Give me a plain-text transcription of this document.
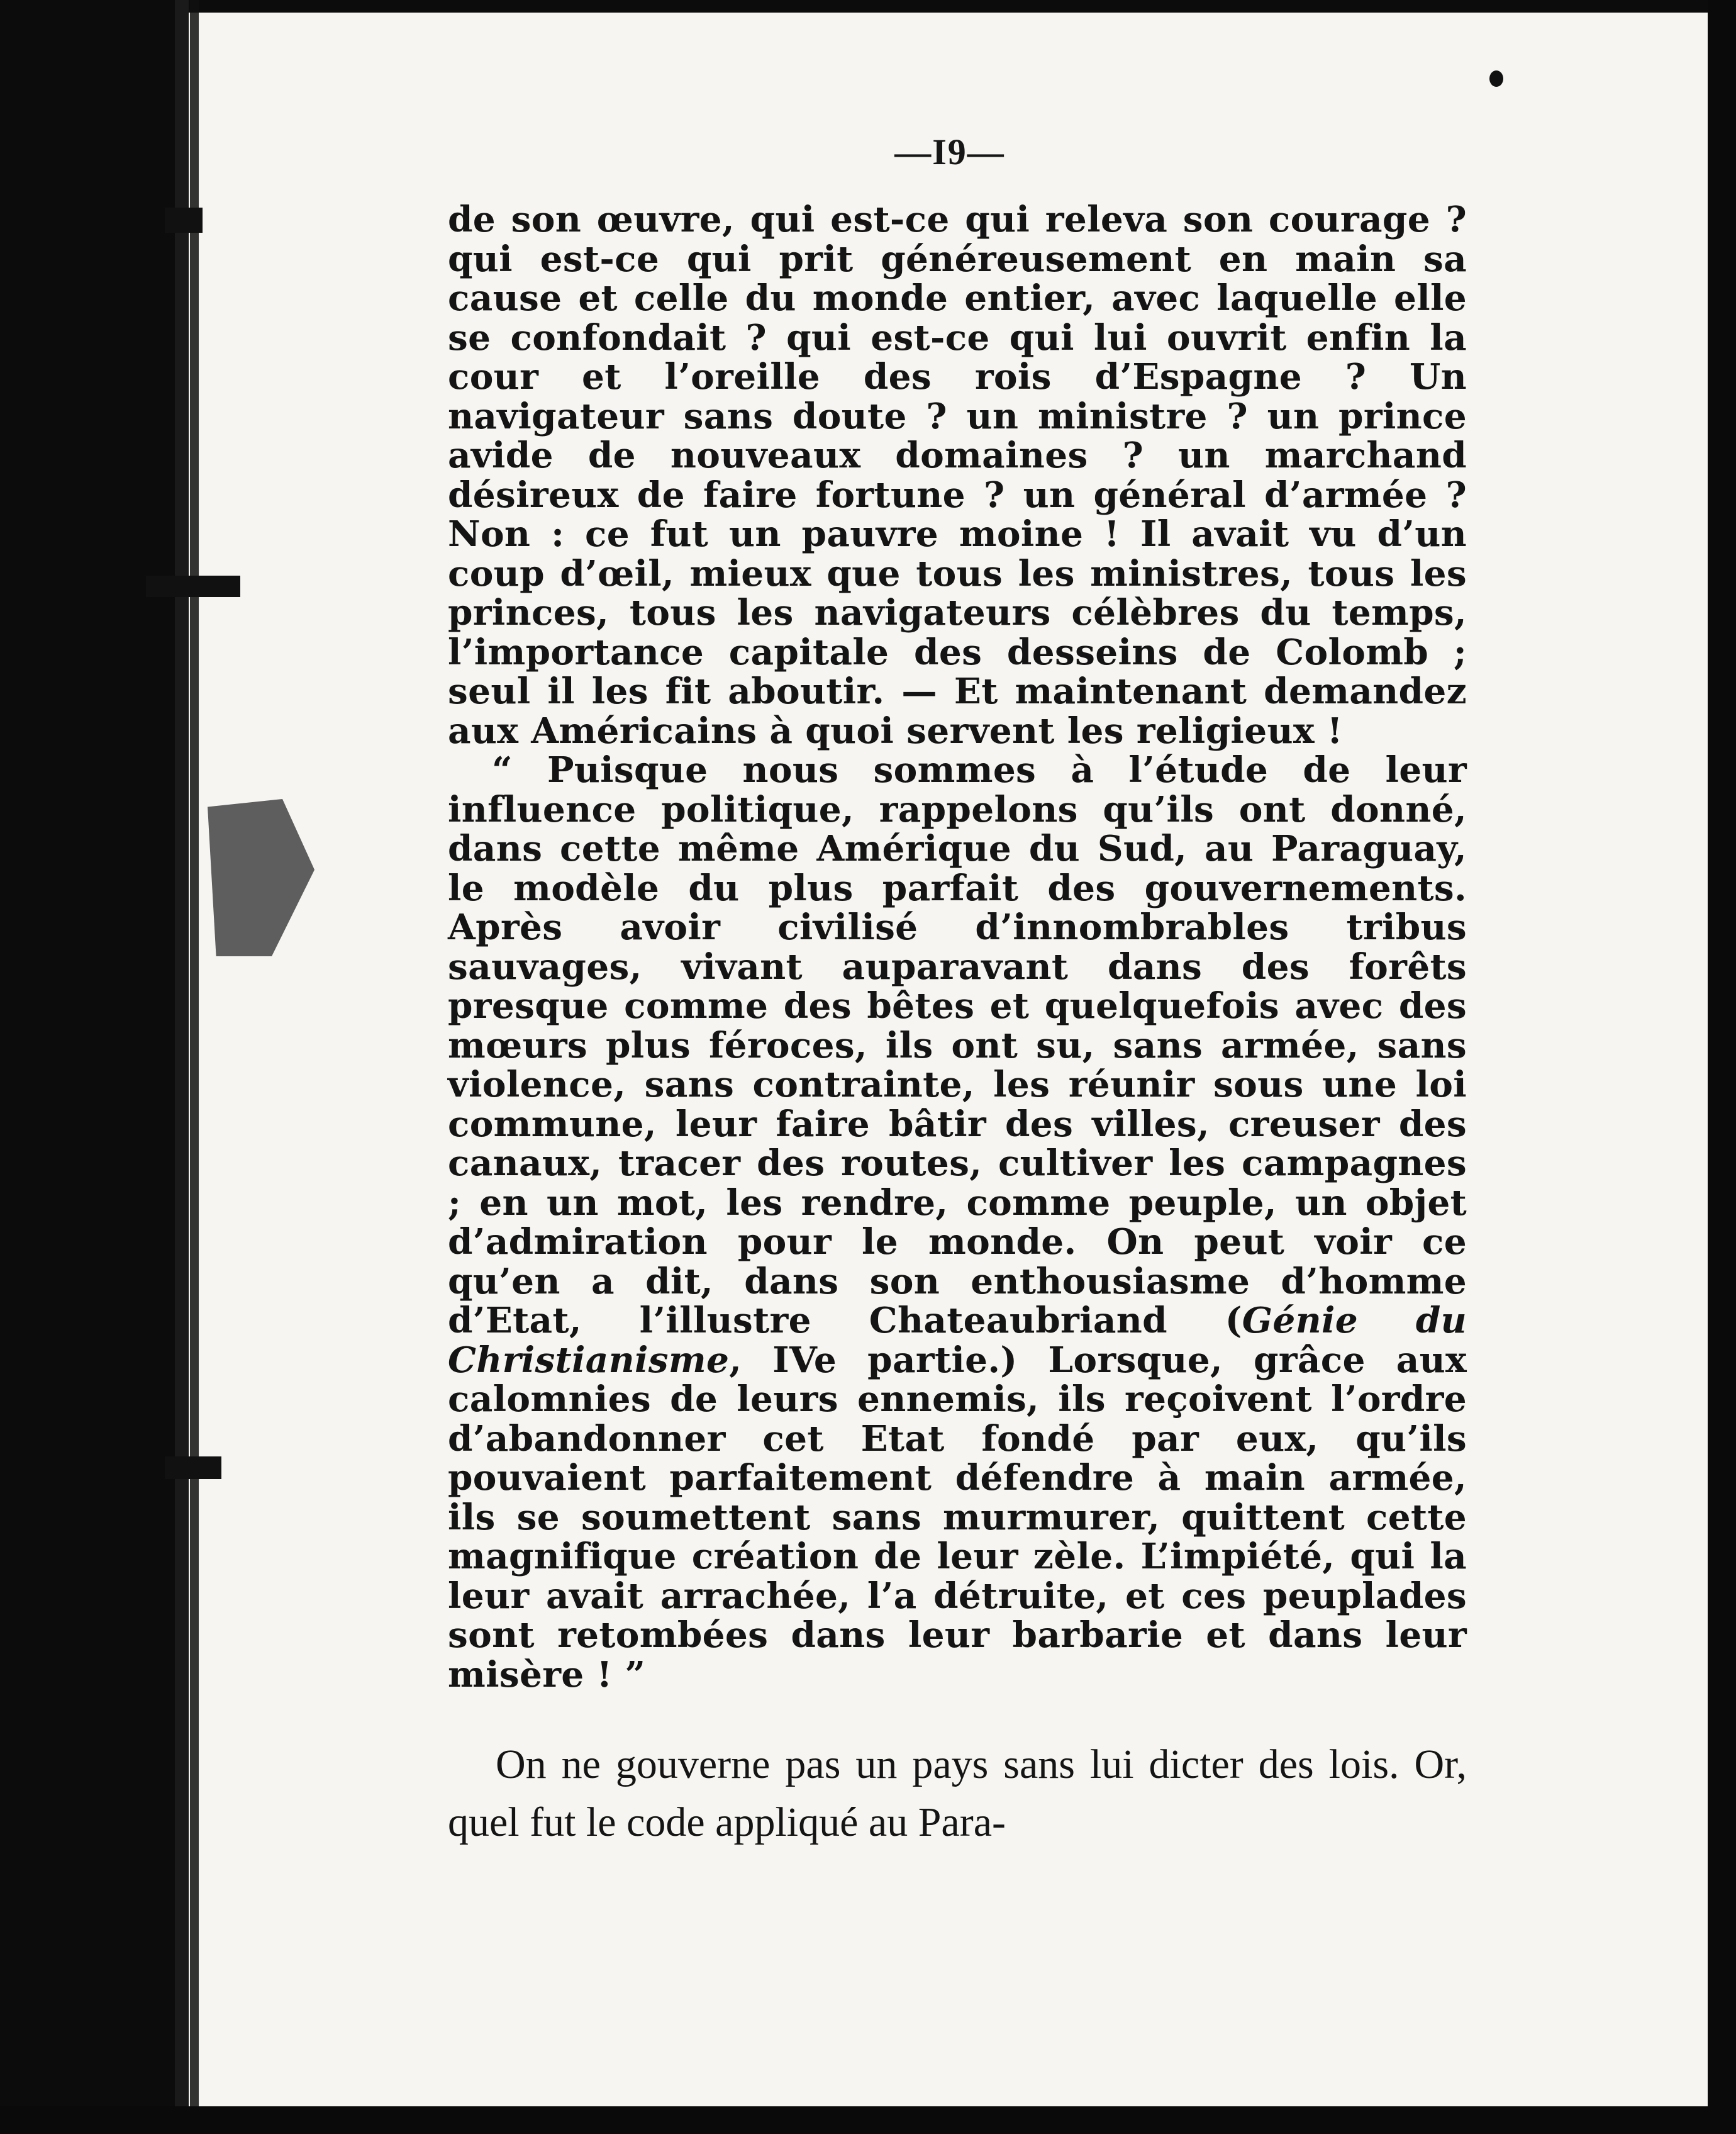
—I9—

de son œuvre, qui est-ce qui releva son courage ? qui est-ce qui prit généreusement en main sa cause et celle du monde entier, avec laquelle elle se confondait ? qui est-ce qui lui ouvrit enfin la cour et l’oreille des rois d’Espagne ? Un navigateur sans doute ? un ministre ? un prince avide de nouveaux domaines ? un marchand désireux de faire fortune ? un général d’armée ? Non : ce fut un pauvre moine ! Il avait vu d’un coup d’œil, mieux que tous les ministres, tous les princes, tous les navigateurs célèbres du temps, l’importance capitale des desseins de Colomb ; seul il les fit aboutir. — Et maintenant demandez aux Américains à quoi servent les religieux !

“ Puisque nous sommes à l’étude de leur influence politique, rappelons qu’ils ont donné, dans cette même Amérique du Sud, au Paraguay, le modèle du plus parfait des gouvernements. Après avoir civilisé d’innombrables tribus sauvages, vivant auparavant dans des forêts presque comme des bêtes et quelquefois avec des mœurs plus féroces, ils ont su, sans armée, sans violence, sans contrainte, les réunir sous une loi commune, leur faire bâtir des villes, creuser des canaux, tracer des routes, cultiver les campagnes ; en un mot, les rendre, comme peuple, un objet d’admiration pour le monde. On peut voir ce qu’en a dit, dans son enthousiasme d’homme d’Etat, l’illustre Chateaubriand (Génie du Christianisme, IVe partie.) Lorsque, grâce aux calomnies de leurs ennemis, ils reçoivent l’ordre d’abandonner cet Etat fondé par eux, qu’ils pouvaient parfaitement défendre à main armée, ils se soumettent sans murmurer, quittent cette magnifique création de leur zèle. L’impiété, qui la leur avait arrachée, l’a détruite, et ces peuplades sont retombées dans leur barbarie et dans leur misère ! ”

On ne gouverne pas un pays sans lui dicter des lois. Or, quel fut le code appliqué au Para-
